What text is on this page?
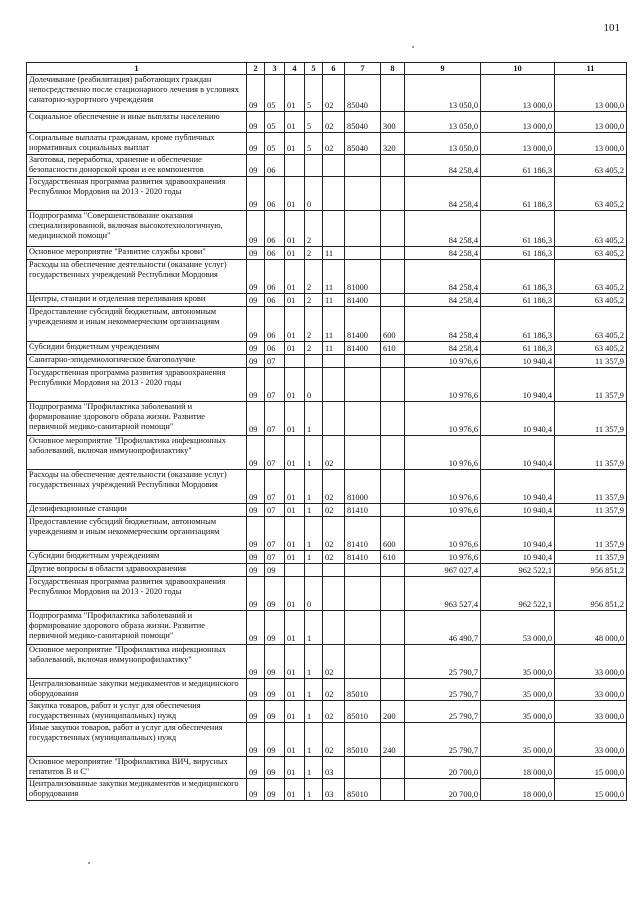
101
1	2	3	4	5	6	7	8	9	10	11
Долечивание (реабилитация) работающих граждан непосредственно после стационарного лечения в условиях санаторно-курортного учреждения	09	05	01	5	02	85040		13 050,0	13 000,0	13 000,0
Социальное обеспечение и иные выплаты населению	09	05	01	5	02	85040	300	13 050,0	13 000,0	13 000,0
Социальные выплаты гражданам, кроме публичных нормативных социальных выплат	09	05	01	5	02	85040	320	13 050,0	13 000,0	13 000,0
Заготовка, переработка, хранение и обеспечение безопасности донорской крови и ее компонентов	09	06						84 258,4	61 186,3	63 405,2
Государственная программа развития здравоохранения Республики Мордовия на 2013 - 2020 годы	09	06	01	0				84 258,4	61 186,3	63 405,2
Подпрограмма "Совершенствование оказания специализированной, включая высокотехнологичную, медицинской помощи"	09	06	01	2				84 258,4	61 186,3	63 405,2
Основное мероприятие "Развитие службы крови"	09	06	01	2	11			84 258,4	61 186,3	63 405,2
Расходы на обеспечение деятельности (оказание услуг) государственных учреждений Республики Мордовия	09	06	01	2	11	81000		84 258,4	61 186,3	63 405,2
Центры, станции и отделения переливания крови	09	06	01	2	11	81400		84 258,4	61 186,3	63 405,2
Предоставление субсидий бюджетным, автономным учреждениям и иным некоммерческим организациям	09	06	01	2	11	81400	600	84 258,4	61 186,3	63 405,2
Субсидии бюджетным учреждениям	09	06	01	2	11	81400	610	84 258,4	61 186,3	63 405,2
Санитарно-эпидемиологическое благополучие	09	07						10 976,6	10 940,4	11 357,9
Государственная программа развития здравоохранения Республики Мордовия на 2013 - 2020 годы	09	07	01	0				10 976,6	10 940,4	11 357,9
Подпрограмма "Профилактика заболеваний и формирование здорового образа жизни. Развитие первичной медико-санитарной помощи"	09	07	01	1				10 976,6	10 940,4	11 357,9
Основное мероприятие "Профилактика инфекционных заболеваний, включая иммунопрофилактику"	09	07	01	1	02			10 976,6	10 940,4	11 357,9
Расходы на обеспечение деятельности (оказание услуг) государственных учреждений Республики Мордовия	09	07	01	1	02	81000		10 976,6	10 940,4	11 357,9
Дезинфекционные станции	09	07	01	1	02	81410		10 976,6	10 940,4	11 357,9
Предоставление субсидий бюджетным, автономным учреждениям и иным некоммерческим организациям	09	07	01	1	02	81410	600	10 976,6	10 940,4	11 357,9
Субсидии бюджетным учреждениям	09	07	01	1	02	81410	610	10 976,6	10 940,4	11 357,9
Другие вопросы в области здравоохранения	09	09						967 027,4	962 522,1	956 851,2
Государственная программа развития здравоохранения Республики Мордовия на 2013 - 2020 годы	09	09	01	0				963 527,4	962 522,1	956 851,2
Подпрограмма "Профилактика заболеваний и формирование здорового образа жизни. Развитие первичной медико-санитарной помощи"	09	09	01	1				46 490,7	53 000,0	48 000,0
Основное мероприятие "Профилактика инфекционных заболеваний, включая иммунопрофилактику"	09	09	01	1	02			25 790,7	35 000,0	33 000,0
Централизованные закупки медикаментов и медицинского оборудования	09	09	01	1	02	85010		25 790,7	35 000,0	33 000,0
Закупка товаров, работ и услуг для обеспечения государственных (муниципальных) нужд	09	09	01	1	02	85010	200	25 790,7	35 000,0	33 000,0
Иные закупки товаров, работ и услуг для обеспечения государственных (муниципальных) нужд	09	09	01	1	02	85010	240	25 790,7	35 000,0	33 000,0
Основное мероприятие "Профилактика ВИЧ, вирусных гепатитов В и С"	09	09	01	1	03			20 700,0	18 000,0	15 000,0
Централизованные закупки медикаментов и медицинского оборудования	09	09	01	1	03	85010		20 700,0	18 000,0	15 000,0
